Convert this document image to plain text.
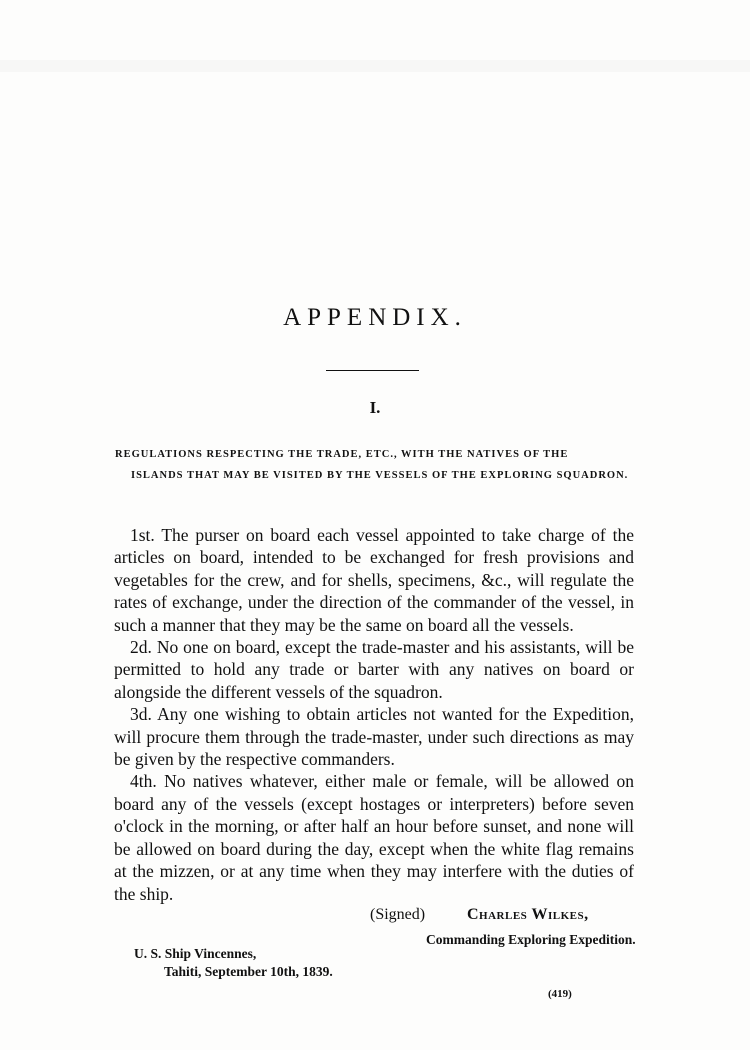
APPENDIX.
I.
REGULATIONS RESPECTING THE TRADE, ETC., WITH THE NATIVES OF THE
ISLANDS THAT MAY BE VISITED BY THE VESSELS OF THE EXPLORING SQUADRON.

1st. The purser on board each vessel appointed to take charge of the articles on board, intended to be exchanged for fresh provisions and vegetables for the crew, and for shells, specimens, &c., will regulate the rates of exchange, under the direction of the commander of the vessel, in such a manner that they may be the same on board all the vessels.

2d. No one on board, except the trade-master and his assistants, will be permitted to hold any trade or barter with any natives on board or alongside the different vessels of the squadron.

3d. Any one wishing to obtain articles not wanted for the Expedition, will procure them through the trade-master, under such directions as may be given by the respective commanders.

4th. No natives whatever, either male or female, will be allowed on board any of the vessels (except hostages or interpreters) before seven o'clock in the morning, or after half an hour before sunset, and none will be allowed on board during the day, except when the white flag remains at the mizzen, or at any time when they may interfere with the duties of the ship.

(Signed)	Charles Wilkes,
Commanding Exploring Expedition.
U. S. Ship Vincennes,
Tahiti, September 10th, 1839.
(419)
